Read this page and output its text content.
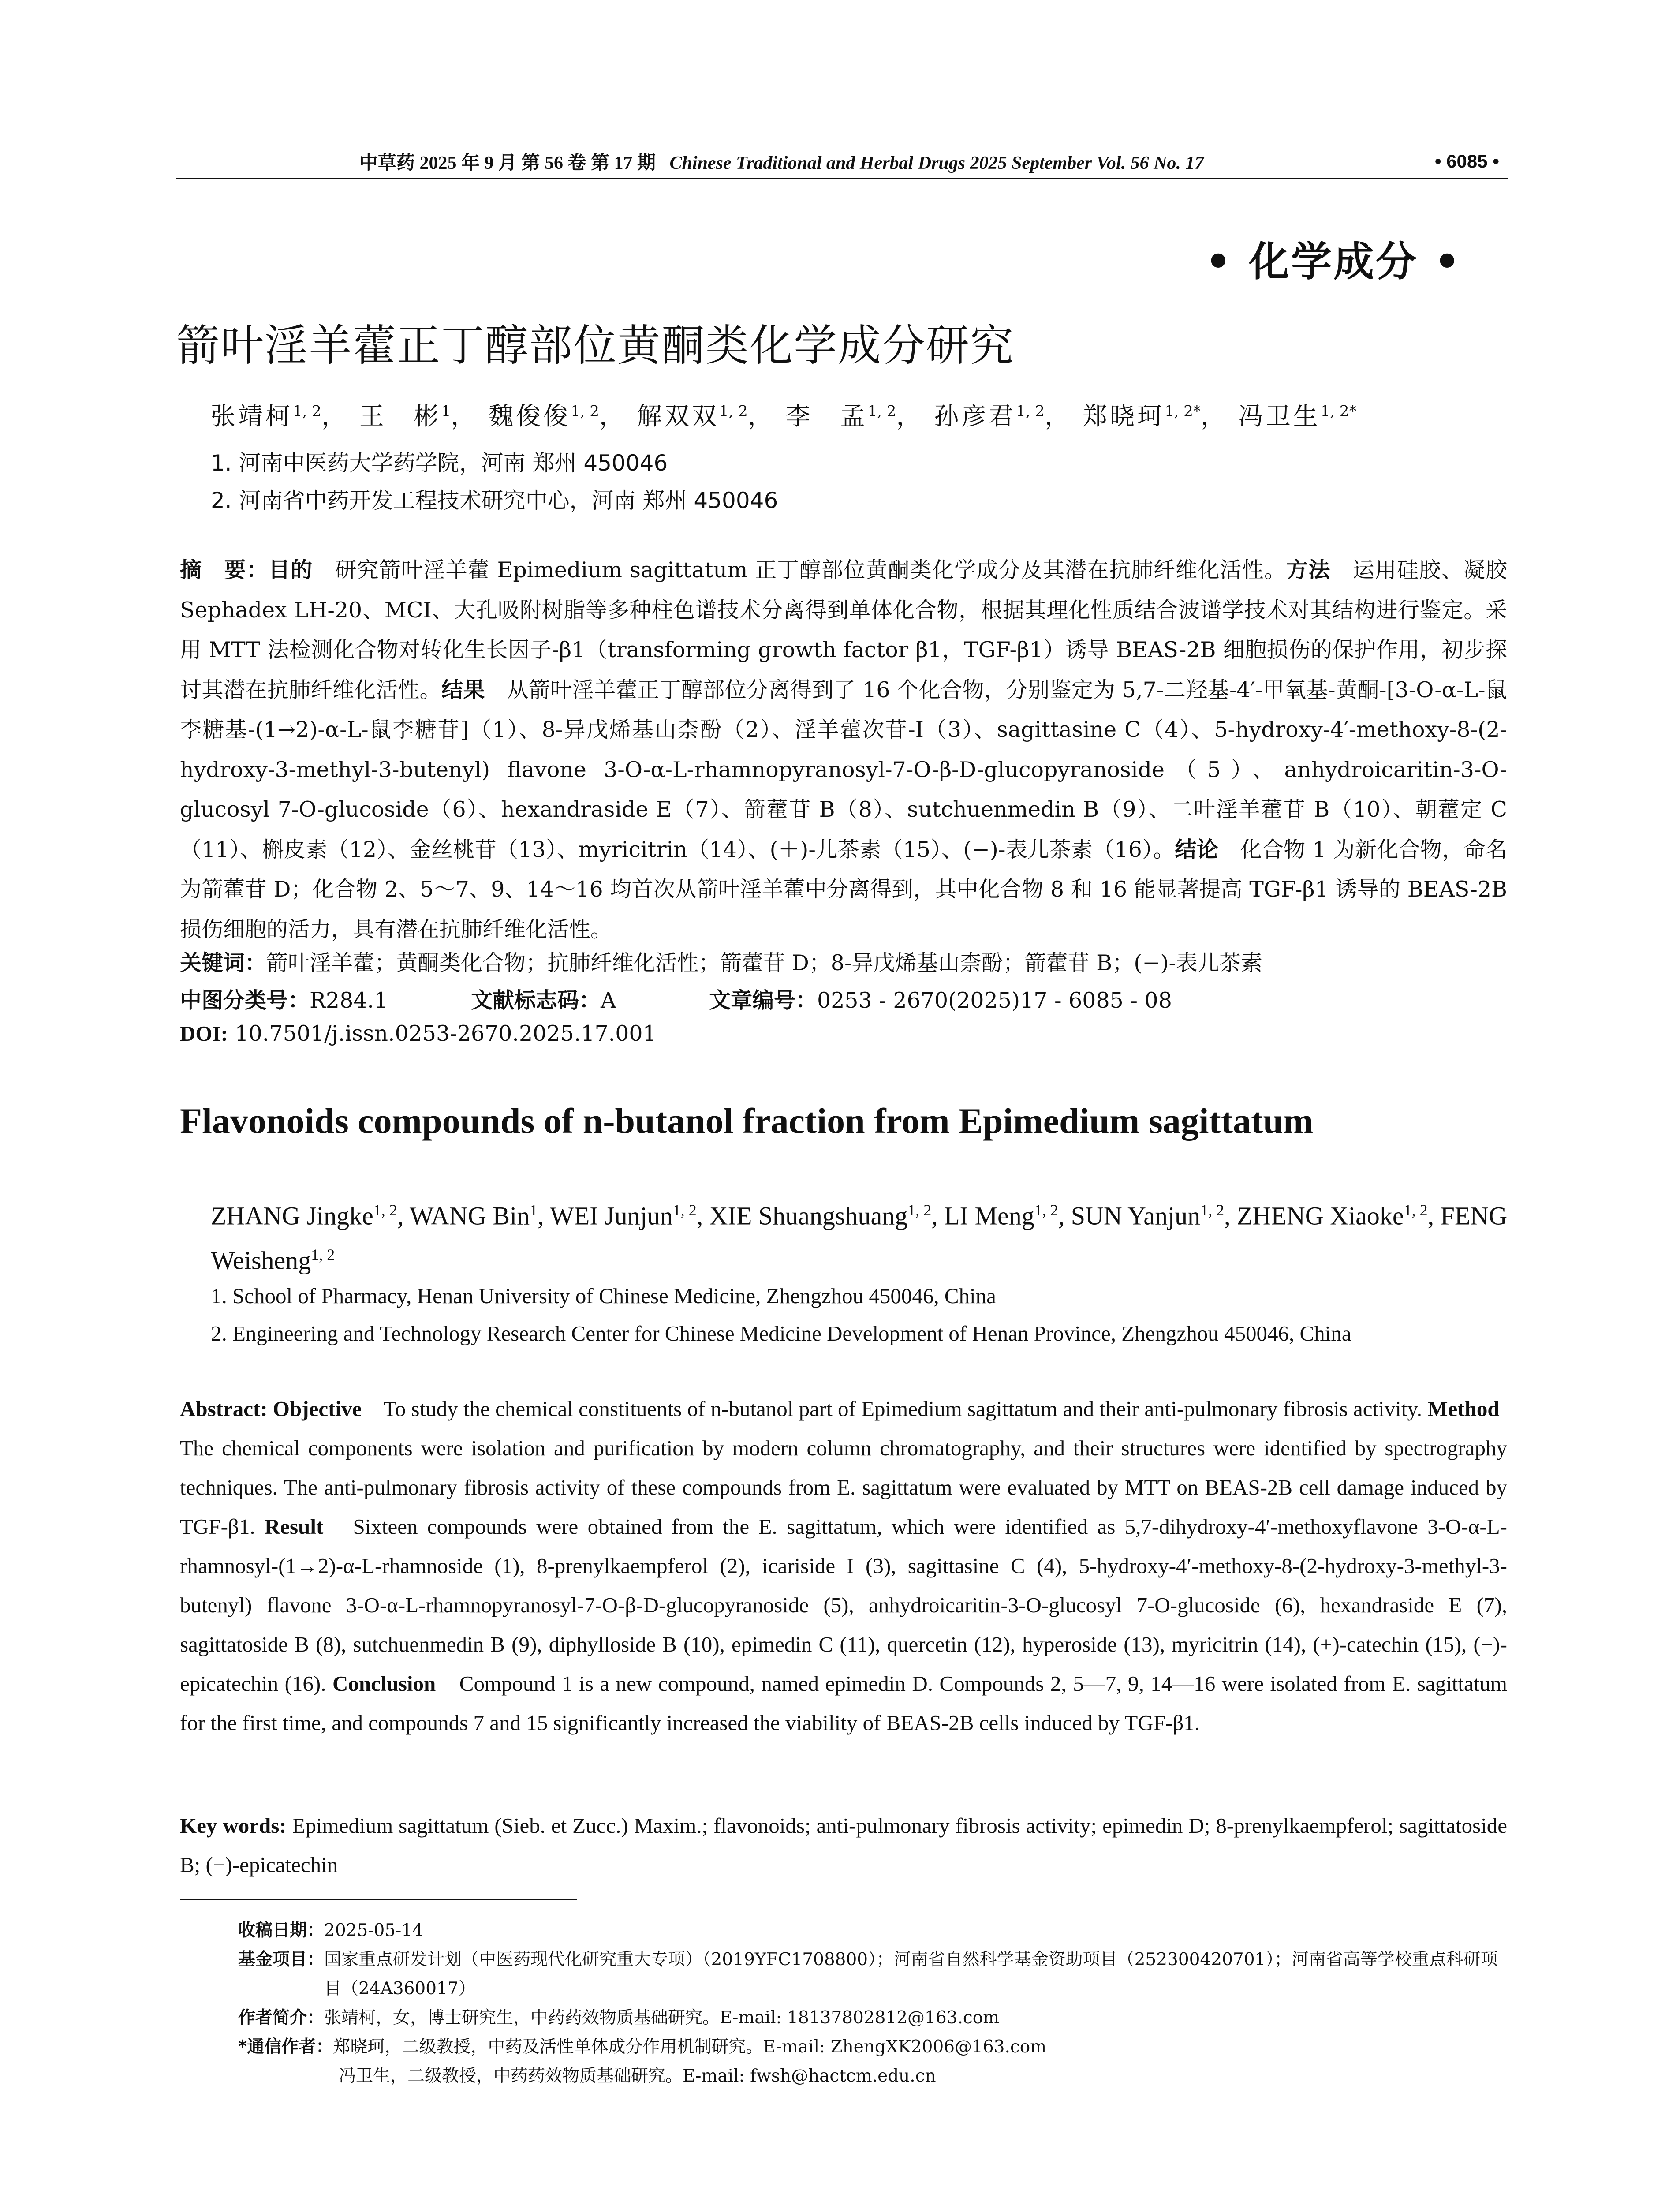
中草药 2025 年 9 月 第 56 卷 第 17 期 Chinese Traditional and Herbal Drugs 2025 September Vol. 56 No. 17	• 6085 •
• 化学成分 •
箭叶淫羊藿正丁醇部位黄酮类化学成分研究
张靖柯$^{1, 2}$， 王　彬$^1$， 魏俊俊$^{1, 2}$， 解双双$^{1, 2}$， 李　孟$^{1, 2}$， 孙彦君$^{1, 2}$， 郑晓珂$^{1, 2*}$， 冯卫生$^{1, 2*}$
1. 河南中医药大学药学院，河南 郑州 450046
2. 河南省中药开发工程技术研究中心，河南 郑州 450046
摘　要：目的　研究箭叶淫羊藿 Epimedium sagittatum 正丁醇部位黄酮类化学成分及其潜在抗肺纤维化活性。方法　运用硅胶、凝胶 Sephadex LH-20、MCI、大孔吸附树脂等多种柱色谱技术分离得到单体化合物，根据其理化性质结合波谱学技术对其结构进行鉴定。采用 MTT 法检测化合物对转化生长因子-β1（transforming growth factor β1，TGF-β1）诱导 BEAS-2B 细胞损伤的保护作用，初步探讨其潜在抗肺纤维化活性。结果　从箭叶淫羊藿正丁醇部位分离得到了 16 个化合物，分别鉴定为 5,7-二羟基-4′-甲氧基-黄酮-[3-O-α-L-鼠李糖基-(1→2)-α-L-鼠李糖苷]（1）、8-异戊烯基山柰酚（2）、淫羊藿次苷-I（3）、sagittasine C（4）、5-hydroxy-4′-methoxy-8-(2-hydroxy-3-methyl-3-butenyl) flavone 3-O-α-L-rhamnopyranosyl-7-O-β-D-glucopyranoside（5）、anhydroicaritin-3-O-glucosyl 7-O-glucoside（6）、hexandraside E（7）、箭藿苷 B（8）、sutchuenmedin B（9）、二叶淫羊藿苷 B（10）、朝藿定 C（11）、槲皮素（12）、金丝桃苷（13）、myricitrin（14）、(＋)-儿茶素（15）、(−)-表儿茶素（16）。结论　化合物 1 为新化合物，命名为箭藿苷 D；化合物 2、5～7、9、14～16 均首次从箭叶淫羊藿中分离得到，其中化合物 8 和 16 能显著提高 TGF-β1 诱导的 BEAS-2B 损伤细胞的活力，具有潜在抗肺纤维化活性。
关键词：箭叶淫羊藿；黄酮类化合物；抗肺纤维化活性；箭藿苷 D；8-异戊烯基山柰酚；箭藿苷 B；(−)-表儿茶素
中图分类号：R284.1	文献标志码：A	文章编号：0253 - 2670(2025)17 - 6085 - 08
DOI: 10.7501/j.issn.0253-2670.2025.17.001
Flavonoids compounds of n-butanol fraction from Epimedium sagittatum
ZHANG Jingke$^{1, 2}$, WANG Bin$^1$, WEI Junjun$^{1, 2}$, XIE Shuangshuang$^{1, 2}$, LI Meng$^{1, 2}$, SUN Yanjun$^{1, 2}$, ZHENG Xiaoke$^{1, 2}$, FENG Weisheng$^{1, 2}$
1. School of Pharmacy, Henan University of Chinese Medicine, Zhengzhou 450046, China
2. Engineering and Technology Research Center for Chinese Medicine Development of Henan Province, Zhengzhou 450046, China

Abstract: Objective　To study the chemical constituents of n-butanol part of Epimedium sagittatum and their anti-pulmonary fibrosis activity. Method　The chemical components were isolation and purification by modern column chromatography, and their structures were identified by spectrography techniques. The anti-pulmonary fibrosis activity of these compounds from E. sagittatum were evaluated by MTT on BEAS-2B cell damage induced by TGF-β1. Result　Sixteen compounds were obtained from the E. sagittatum, which were identified as 5,7-dihydroxy-4′-methoxyflavone 3-O-α-L-rhamnosyl-(1→2)-α-L-rhamnoside (1), 8-prenylkaempferol (2), icariside I (3), sagittasine C (4), 5-hydroxy-4′-methoxy-8-(2-hydroxy-3-methyl-3-butenyl) flavone 3-O-α-L-rhamnopyranosyl-7-O-β-D-glucopyranoside (5), anhydroicaritin-3-O-glucosyl 7-O-glucoside (6), hexandraside E (7), sagittatoside B (8), sutchuenmedin B (9), diphylloside B (10), epimedin C (11), quercetin (12), hyperoside (13), myricitrin (14), (+)-catechin (15), (−)-epicatechin (16). Conclusion　Compound 1 is a new compound, named epimedin D. Compounds 2, 5—7, 9, 14—16 were isolated from E. sagittatum for the first time, and compounds 7 and 15 significantly increased the viability of BEAS-2B cells induced by TGF-β1.

Key words: Epimedium sagittatum (Sieb. et Zucc.) Maxim.; flavonoids; anti-pulmonary fibrosis activity; epimedin D; 8-prenylkaempferol; sagittatoside B; (−)-epicatechin
收稿日期： 2025-05-14
基金项目： 国家重点研发计划（中医药现代化研究重大专项）（2019YFC1708800）；河南省自然科学基金资助项目（252300420701）；河南省高等学校重点科研项目（24A360017）
作者简介： 张靖柯，女，博士研究生，中药药效物质基础研究。E-mail: 18137802812@163.com
*通信作者： 郑晓珂，二级教授，中药及活性单体成分作用机制研究。E-mail: ZhengXK2006@163.com
冯卫生，二级教授，中药药效物质基础研究。E-mail: fwsh@hactcm.edu.cn
